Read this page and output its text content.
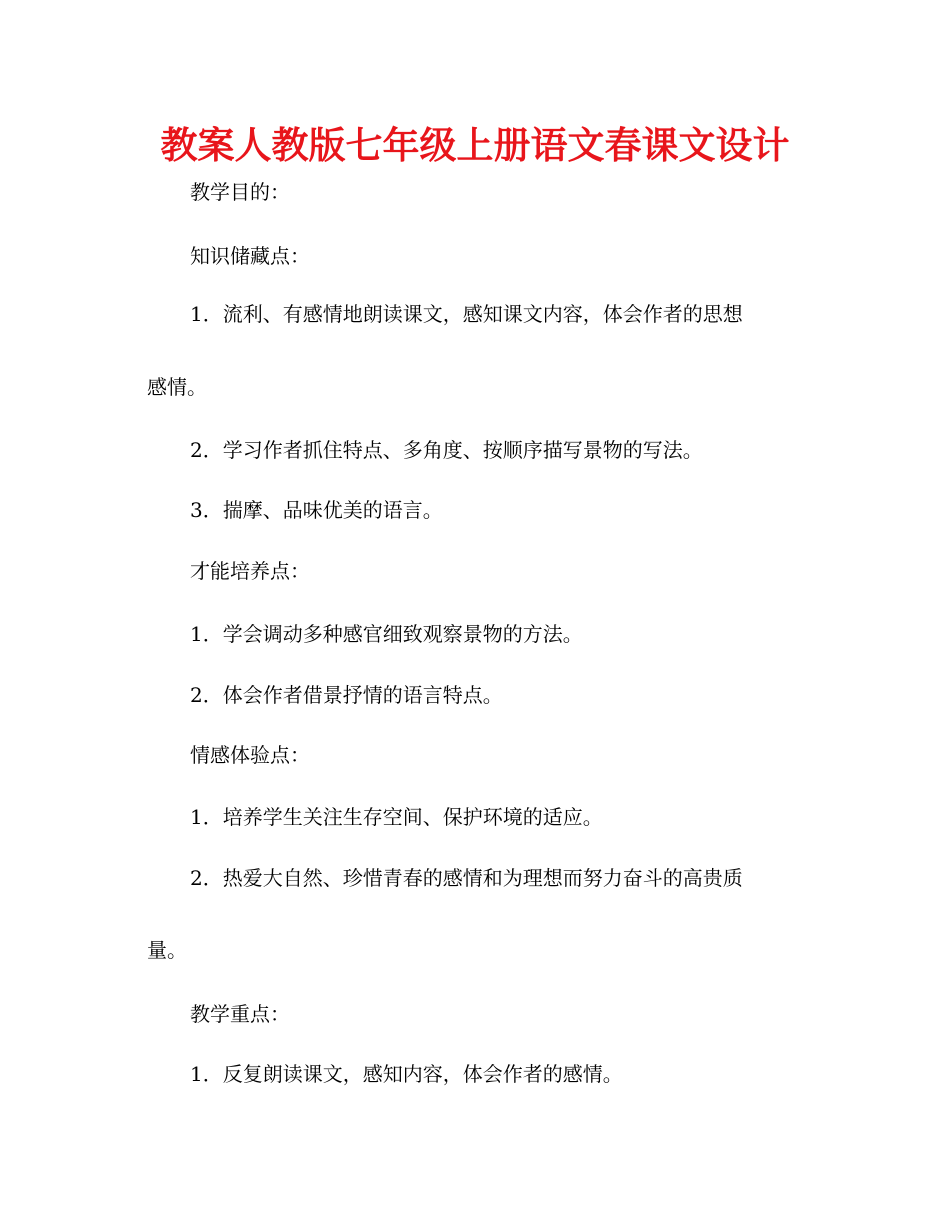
教案人教版七年级上册语文春课文设计
教学目的：
知识储藏点：
1．流利、有感情地朗读课文，感知课文内容，体会作者的思想
感情。
2．学习作者抓住特点、多角度、按顺序描写景物的写法。
3．揣摩、品味优美的语言。
才能培养点：
1．学会调动多种感官细致观察景物的方法。
2．体会作者借景抒情的语言特点。
情感体验点：
1．培养学生关注生存空间、保护环境的适应。
2．热爱大自然、珍惜青春的感情和为理想而努力奋斗的高贵质
量。
教学重点：
1．反复朗读课文，感知内容，体会作者的感情。
